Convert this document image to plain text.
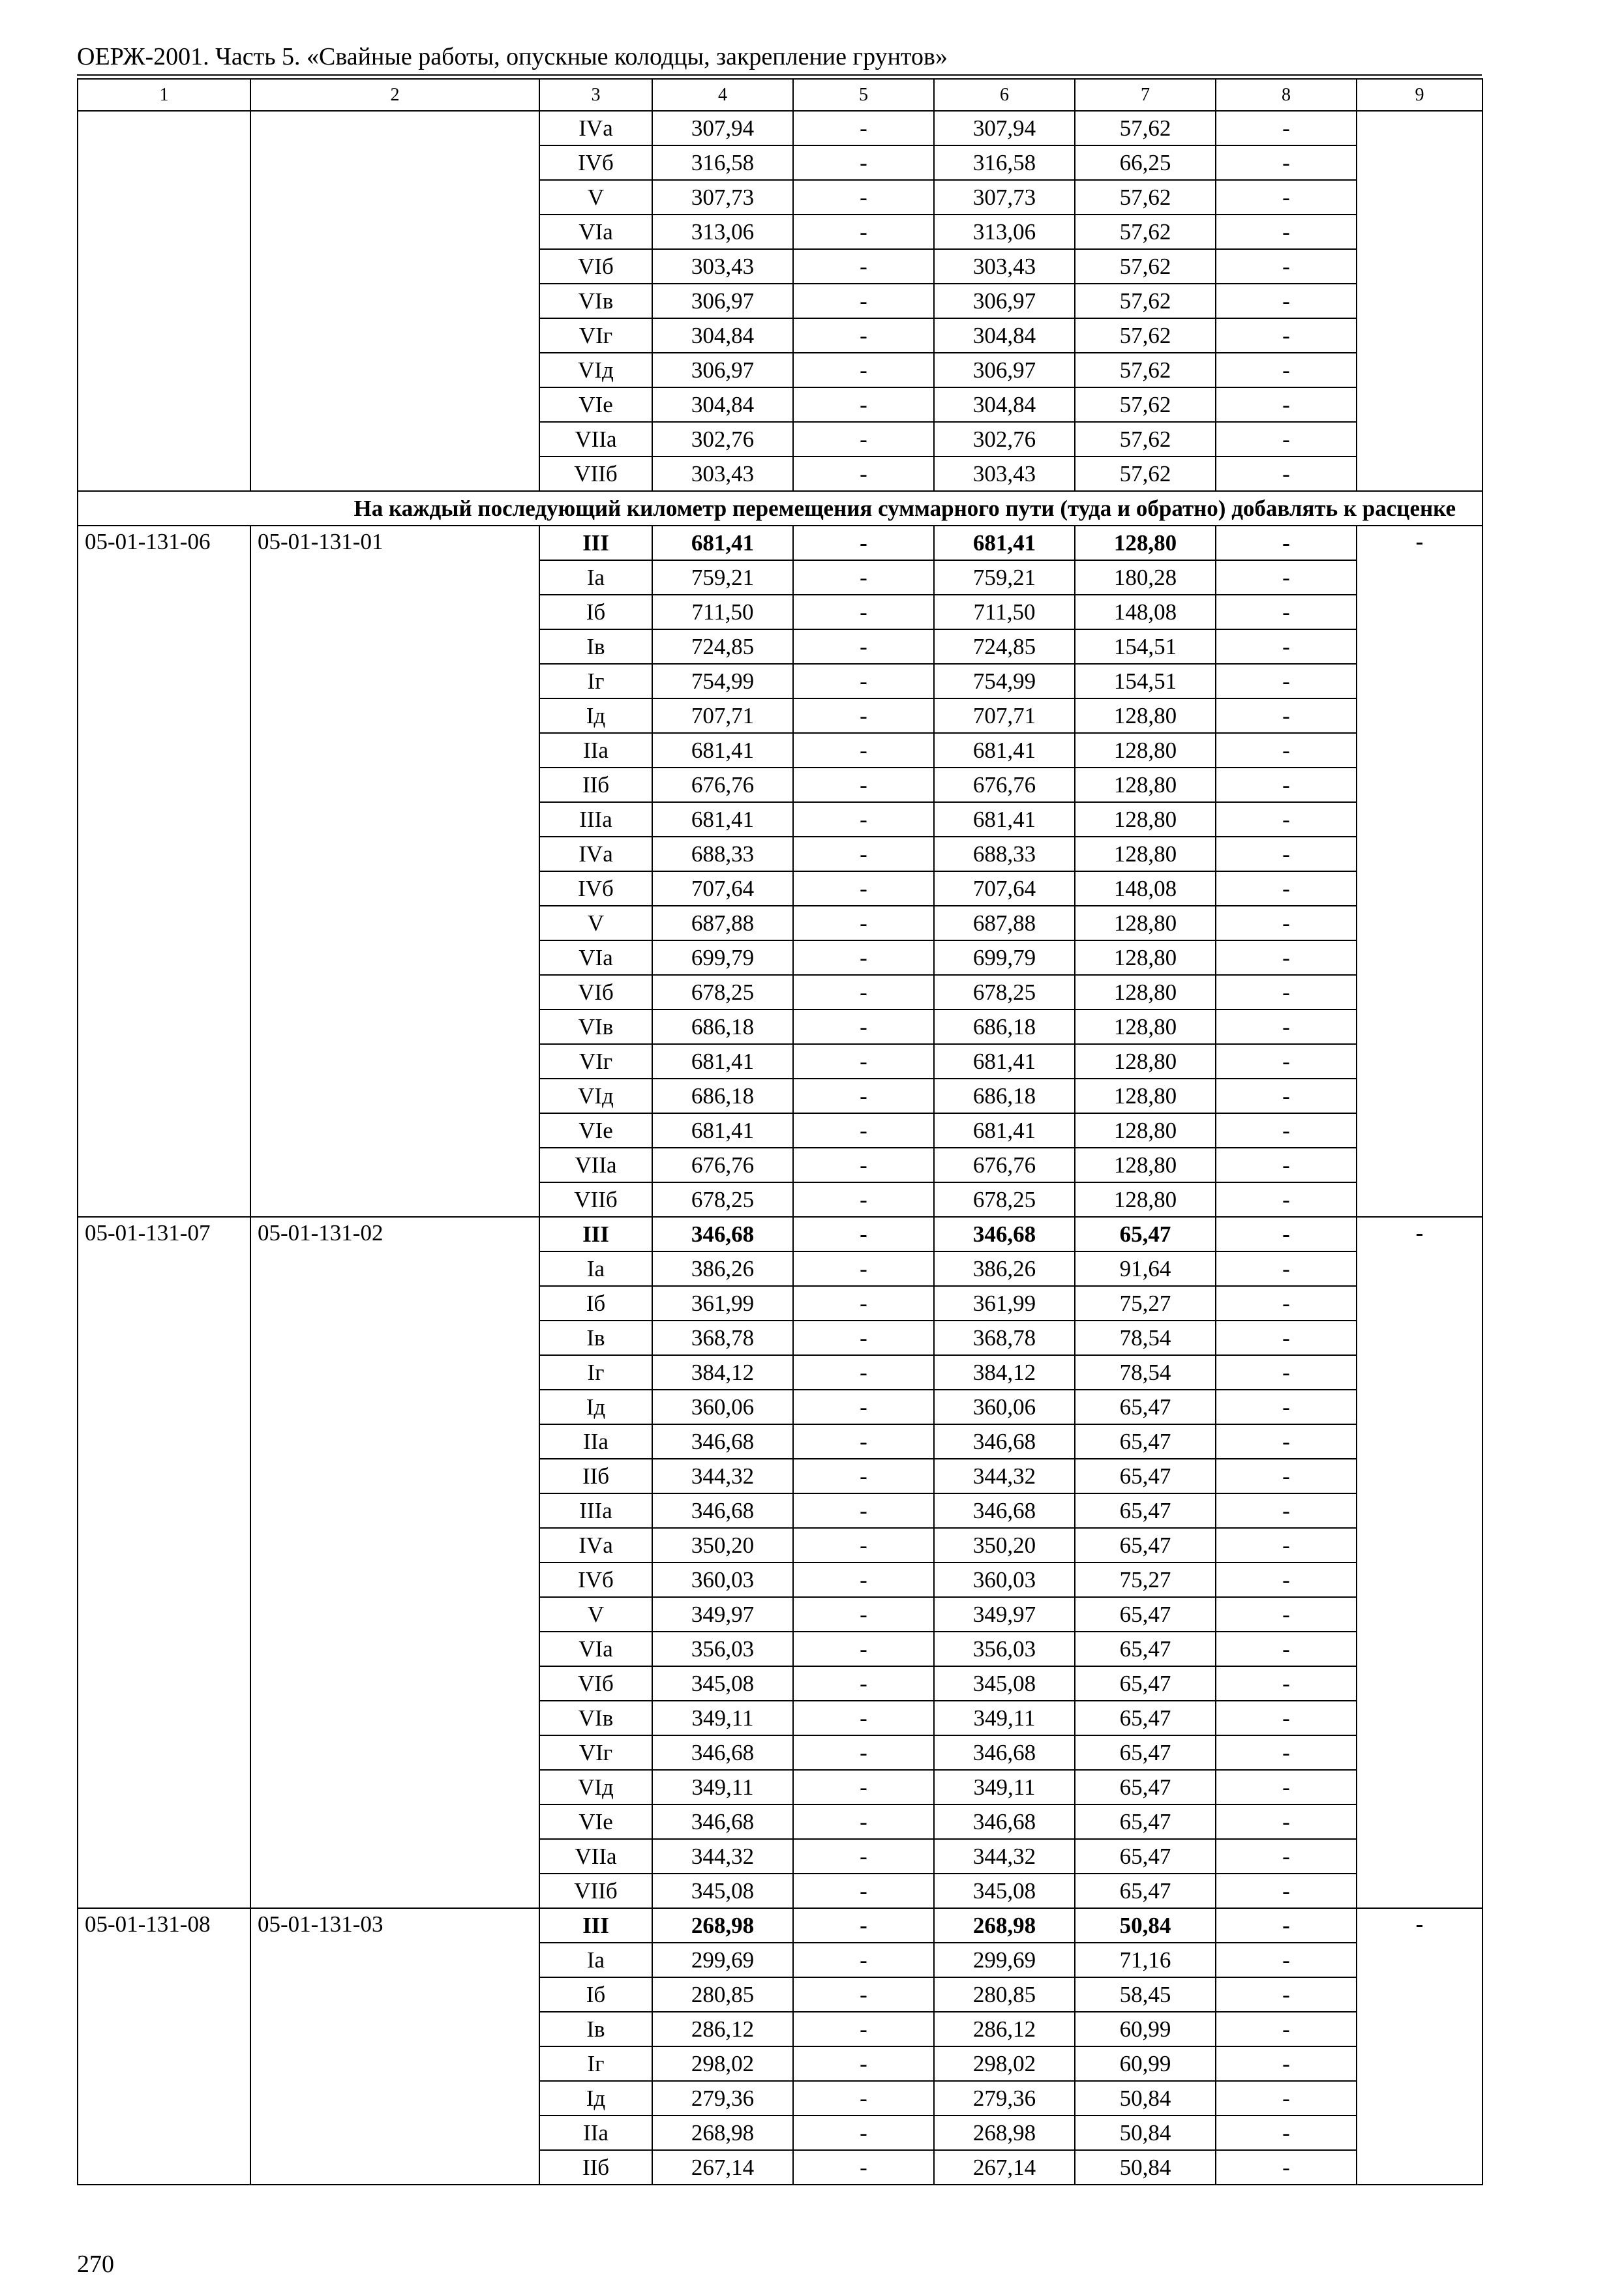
ОЕРЖ-2001. Часть 5. «Свайные работы, опускные колодцы, закрепление грунтов»
1	2	3	4	5	6	7	8	9
		IVа	307,94	-	307,94	57,62	-	
		IVб	316,58	-	316,58	66,25	-	
		V	307,73	-	307,73	57,62	-	
		VIа	313,06	-	313,06	57,62	-	
		VIб	303,43	-	303,43	57,62	-	
		VIв	306,97	-	306,97	57,62	-	
		VIг	304,84	-	304,84	57,62	-	
		VIд	306,97	-	306,97	57,62	-	
		VIе	304,84	-	304,84	57,62	-	
		VIIа	302,76	-	302,76	57,62	-	
		VIIб	303,43	-	303,43	57,62	-	
На каждый последующий километр перемещения суммарного пути (туда и обратно) добавлять к расценке								
05-01-131-06	05-01-131-01	III	681,41	-	681,41	128,80	-	-
		Iа	759,21	-	759,21	180,28	-	
		Iб	711,50	-	711,50	148,08	-	
		Iв	724,85	-	724,85	154,51	-	
		Iг	754,99	-	754,99	154,51	-	
		Iд	707,71	-	707,71	128,80	-	
		IIа	681,41	-	681,41	128,80	-	
		IIб	676,76	-	676,76	128,80	-	
		IIIа	681,41	-	681,41	128,80	-	
		IVа	688,33	-	688,33	128,80	-	
		IVб	707,64	-	707,64	148,08	-	
		V	687,88	-	687,88	128,80	-	
		VIа	699,79	-	699,79	128,80	-	
		VIб	678,25	-	678,25	128,80	-	
		VIв	686,18	-	686,18	128,80	-	
		VIг	681,41	-	681,41	128,80	-	
		VIд	686,18	-	686,18	128,80	-	
		VIе	681,41	-	681,41	128,80	-	
		VIIа	676,76	-	676,76	128,80	-	
		VIIб	678,25	-	678,25	128,80	-	
05-01-131-07	05-01-131-02	III	346,68	-	346,68	65,47	-	-
		Iа	386,26	-	386,26	91,64	-	
		Iб	361,99	-	361,99	75,27	-	
		Iв	368,78	-	368,78	78,54	-	
		Iг	384,12	-	384,12	78,54	-	
		Iд	360,06	-	360,06	65,47	-	
		IIа	346,68	-	346,68	65,47	-	
		IIб	344,32	-	344,32	65,47	-	
		IIIа	346,68	-	346,68	65,47	-	
		IVа	350,20	-	350,20	65,47	-	
		IVб	360,03	-	360,03	75,27	-	
		V	349,97	-	349,97	65,47	-	
		VIа	356,03	-	356,03	65,47	-	
		VIб	345,08	-	345,08	65,47	-	
		VIв	349,11	-	349,11	65,47	-	
		VIг	346,68	-	346,68	65,47	-	
		VIд	349,11	-	349,11	65,47	-	
		VIе	346,68	-	346,68	65,47	-	
		VIIа	344,32	-	344,32	65,47	-	
		VIIб	345,08	-	345,08	65,47	-	
05-01-131-08	05-01-131-03	III	268,98	-	268,98	50,84	-	-
		Iа	299,69	-	299,69	71,16	-	
		Iб	280,85	-	280,85	58,45	-	
		Iв	286,12	-	286,12	60,99	-	
		Iг	298,02	-	298,02	60,99	-	
		Iд	279,36	-	279,36	50,84	-	
		IIа	268,98	-	268,98	50,84	-	
		IIб	267,14	-	267,14	50,84	-	
270
